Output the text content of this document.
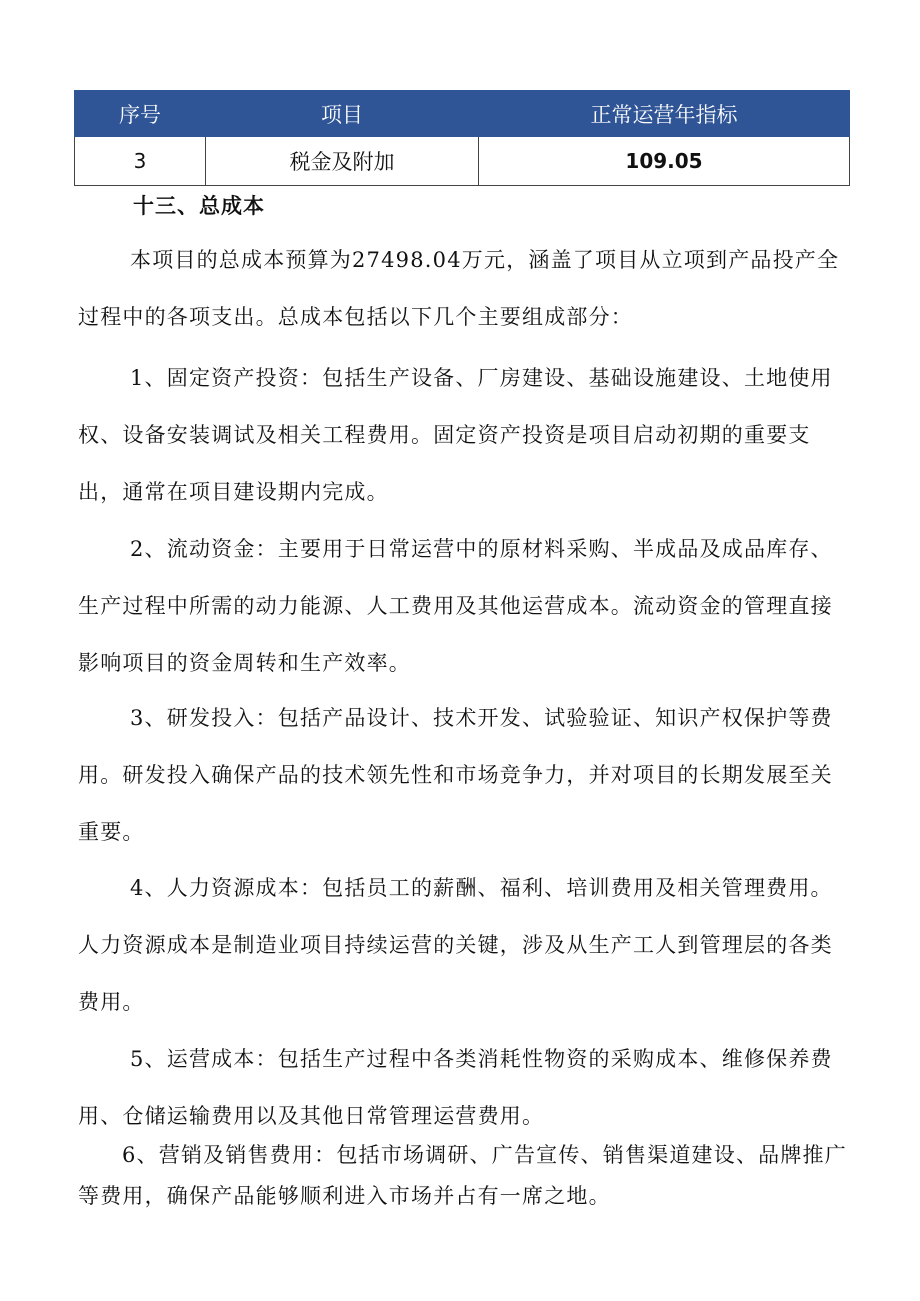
序号	项目	正常运营年指标
3	税金及附加	109.05
十三、总成本

本项目的总成本预算为27498.04万元，涵盖了项目从立项到产品投产全过程中的各项支出。总成本包括以下几个主要组成部分：

1、固定资产投资：包括生产设备、厂房建设、基础设施建设、土地使用权、设备安装调试及相关工程费用。固定资产投资是项目启动初期的重要支出，通常在项目建设期内完成。

2、流动资金：主要用于日常运营中的原材料采购、半成品及成品库存、生产过程中所需的动力能源、人工费用及其他运营成本。流动资金的管理直接影响项目的资金周转和生产效率。

3、研发投入：包括产品设计、技术开发、试验验证、知识产权保护等费用。研发投入确保产品的技术领先性和市场竞争力，并对项目的长期发展至关重要。

4、人力资源成本：包括员工的薪酬、福利、培训费用及相关管理费用。人力资源成本是制造业项目持续运营的关键，涉及从生产工人到管理层的各类费用。

5、运营成本：包括生产过程中各类消耗性物资的采购成本、维修保养费用、仓储运输费用以及其他日常管理运营费用。

6、营销及销售费用：包括市场调研、广告宣传、销售渠道建设、品牌推广等费用，确保产品能够顺利进入市场并占有一席之地。
